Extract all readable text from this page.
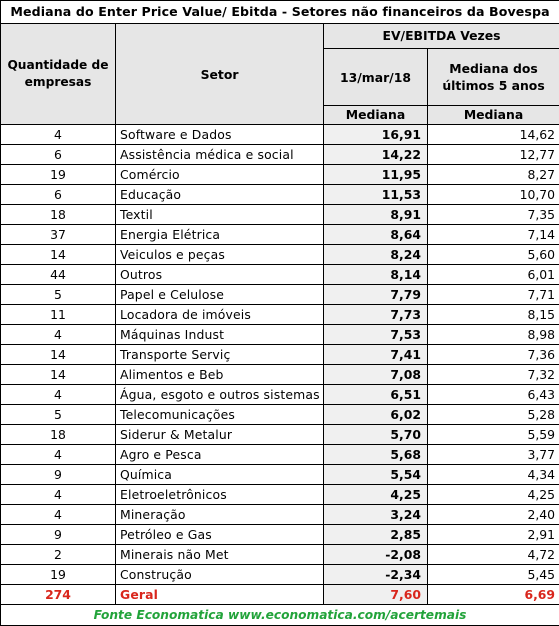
Mediana do Enter Price Value/ Ebitda - Setores não financeiros da Bovespa			
Quantidade de empresas	Setor	EV/EBITDA Vezes	
		13/mar/18	Mediana dos últimos 5 anos
		Mediana	Mediana
4	Software e Dados	16,91	14,62
6	Assistência médica e social	14,22	12,77
19	Comércio	11,95	8,27
6	Educação	11,53	10,70
18	Textil	8,91	7,35
37	Energia Elétrica	8,64	7,14
14	Veiculos e peças	8,24	5,60
44	Outros	8,14	6,01
5	Papel e Celulose	7,79	7,71
11	Locadora de imóveis	7,73	8,15
4	Máquinas Indust	7,53	8,98
14	Transporte Serviç	7,41	7,36
14	Alimentos e Beb	7,08	7,32
4	Água, esgoto e outros sistemas	6,51	6,43
5	Telecomunicações	6,02	5,28
18	Siderur & Metalur	5,70	5,59
4	Agro e Pesca	5,68	3,77
9	Química	5,54	4,34
4	Eletroeletrônicos	4,25	4,25
4	Mineração	3,24	2,40
9	Petróleo e Gas	2,85	2,91
2	Minerais não Met	-2,08	4,72
19	Construção	-2,34	5,45
274	Geral	7,60	6,69
Fonte Economatica www.economatica.com/acertemais			
